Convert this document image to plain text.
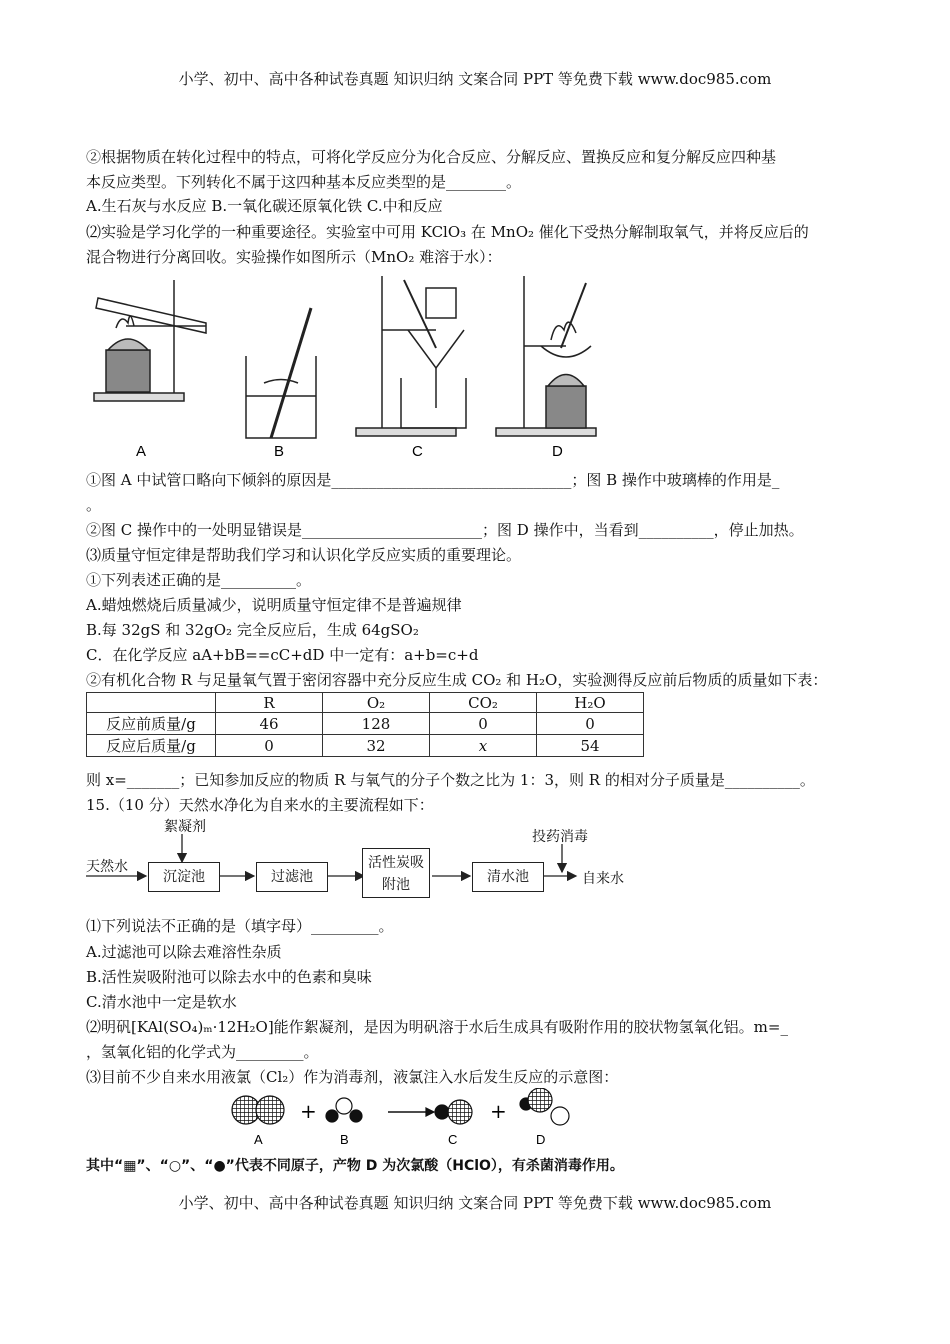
小学、初中、高中各种试卷真题 知识归纳 文案合同 PPT 等免费下载 www.doc985.com
②根据物质在转化过程中的特点，可将化学反应分为化合反应、分解反应、置换反应和复分解反应四种基
本反应类型。下列转化不属于这四种基本反应类型的是________。
A.生石灰与水反应 B.一氧化碳还原氧化铁 C.中和反应
⑵实验是学习化学的一种重要途径。实验室中可用 KClO₃ 在 MnO₂ 催化下受热分解制取氧气，并将反应后的
混合物进行分离回收。实验操作如图所示（MnO₂ 难溶于水）：
A	B	C	D
①图 A 中试管口略向下倾斜的原因是________________________________；图 B 操作中玻璃棒的作用是_
。
②图 C 操作中的一处明显错误是________________________；图 D 操作中，当看到__________，停止加热。
⑶质量守恒定律是帮助我们学习和认识化学反应实质的重要理论。
①下列表述正确的是__________。
A.蜡烛燃烧后质量减少，说明质量守恒定律不是普遍规律
B.每 32gS 和 32gO₂ 完全反应后，生成 64gSO₂
C．在化学反应 aA+bB==cC+dD 中一定有：a+b=c+d
②有机化合物 R 与足量氧气置于密闭容器中充分反应生成 CO₂ 和 H₂O，实验测得反应前后物质的质量如下表：
	R	O₂	CO₂	H₂O
反应前质量/g	46	128	0	0
反应后质量/g	0	32	x	54
则 x=_______；已知参加反应的物质 R 与氧气的分子个数之比为 1：3，则 R 的相对分子质量是__________。
15.（10 分）天然水净化为自来水的主要流程如下：
絮凝剂
天然水
沉淀池	过滤池
活性炭吸附池	清水池
投药消毒
自来水
⑴下列说法不正确的是（填字母）_________。
A.过滤池可以除去难溶性杂质
B.活性炭吸附池可以除去水中的色素和臭味
C.清水池中一定是软水
⑵明矾[KAl(SO₄)ₘ·12H₂O]能作絮凝剂，是因为明矾溶于水后生成具有吸附作用的胶状物氢氧化铝。m=_
，氢氧化铝的化学式为_________。
⑶目前不少自来水用液氯（Cl₂）作为消毒剂，液氯注入水后发生反应的示意图：
+	+
A	B	C	D
其中“▦”、“○”、“●”代表不同原子，产物 D 为次氯酸（HClO），有杀菌消毒作用。
小学、初中、高中各种试卷真题 知识归纳 文案合同 PPT 等免费下载 www.doc985.com
